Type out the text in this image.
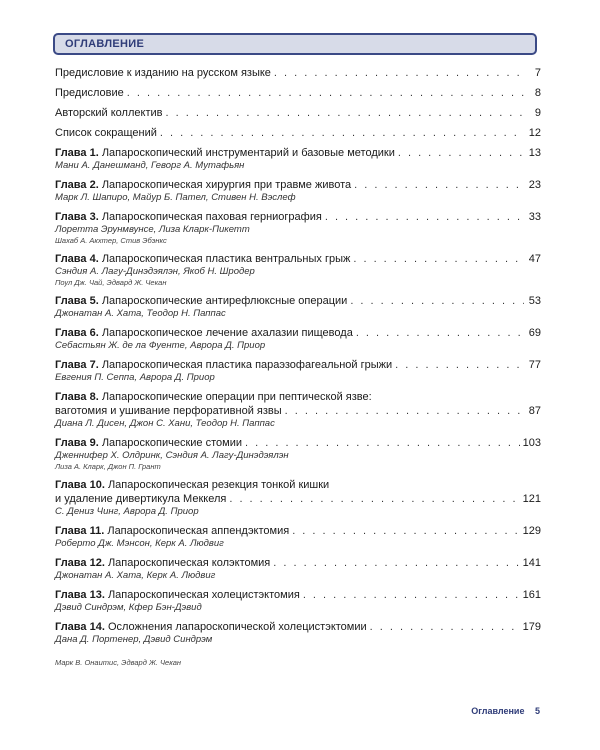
ОГЛАВЛЕНИЕ
Предисловие к изданию на русском языке . . .	7
Предисловие . . .	8
Авторский коллектив . . .	9
Список сокращений . . .	12
Глава 1. Лапароскопический инструментарий и базовые методики . . .	13
Мани А. Данешманд, Геворг А. Мутафьян
Глава 2. Лапароскопическая хирургия при травме живота . . .	23
Марк Л. Шапиро, Майур Б. Пател, Стивен Н. Вэслеф
Глава 3. Лапароскопическая паховая герниография . . .	33
Лоретта Эрунмвунсе, Лиза Кларк-Пикетт
Шахаб А. Акхтер, Стив Эбэнкс
Глава 4. Лапароскопическая пластика вентральных грыж . . .	47
Сэндия А. Лагу-Динэдэялэн, Якоб Н. Шродер
Поул Дж. Чай, Эдвард Ж. Чекан
Глава 5. Лапароскопические антирефлюксные операции . . .	53
Джонатан А. Хата, Теодор Н. Паппас
Глава 6. Лапароскопическое лечение ахалазии пищевода . . .	69
Себастьян Ж. де ла Фуенте, Аврора Д. Приор
Глава 7. Лапароскопическая пластика параэзофагеальной грыжи . . .	77
Евгения П. Сеппа, Аврора Д. Приор
Глава 8. Лапароскопические операции при пептической язве:
ваготомия и ушивание перфоративной язвы . . .	87
Диана Л. Дисен, Джон С. Хани, Теодор Н. Паппас
Глава 9. Лапароскопические стомии . . .	103
Дженнифер Х. Олдринк, Сэндия А. Лагу-Динэдэялэн
Лиза А. Кларк, Джон П. Грант
Глава 10. Лапароскопическая резекция тонкой кишки
и удаление дивертикула Меккеля . . .	121
С. Дениз Чинг, Аврора Д. Приор
Глава 11. Лапароскопическая аппендэктомия . . .	129
Роберто Дж. Мэнсон, Керк А. Людвиг
Глава 12. Лапароскопическая колэктомия . . .	141
Джонатан А. Хата, Керк А. Людвиг
Глава 13. Лапароскопическая холецистэктомия . . .	161
Дэвид Синдрэм, Кфер Бэн-Дэвид
Глава 14. Осложнения лапароскопической холецистэктомии . . .	179
Дана Д. Портенер, Дэвид Синдрэм
Марк В. Онаитис, Эдвард Ж. Чекан
Оглавление 5
